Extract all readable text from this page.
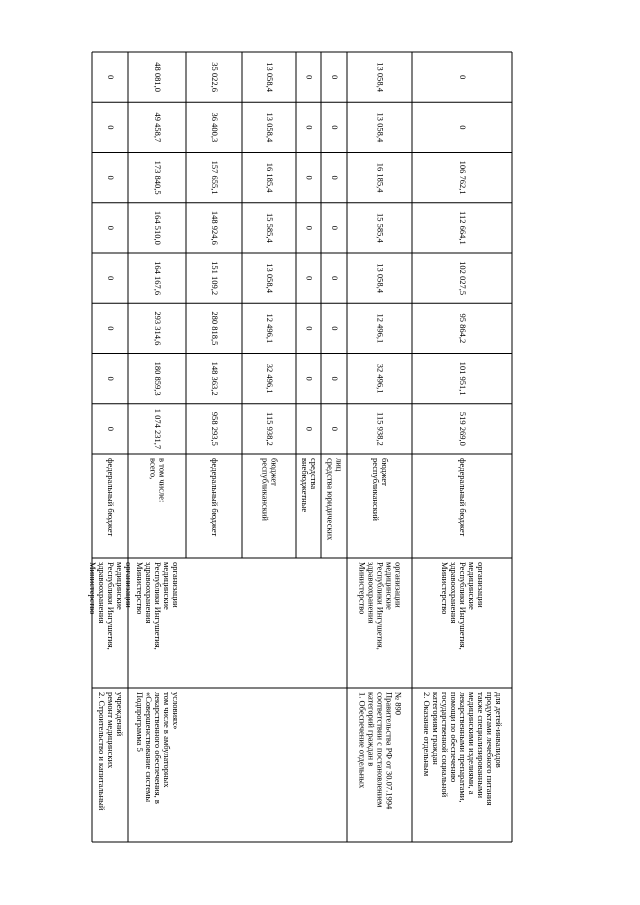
2. Строительство и капитальный ремонт медицинских учреждений
Министерство здравоохранения Республики Ингушетия, медицинские организации
федеральный бюджет
0
0
0
0
0
0
0
0
Подпрограмма 5 «Совершенствование системы лекарственного обеспечения, в том числе в амбулаторных условиях»
Министерство здравоохранения Республики Ингушетия, медицинские организации
всего, в том числе:
1 074 231,7
180 859,3
293 314,6
164 167,6
164 510,0
173 840,5
49 458,7
48 081,0
федеральный бюджет
958 293,5
148 363,2
280 818,5
151 109,2
148 924,6
157 655,1
36 400,3
35 022,6
республиканский бюджет
115 938,2
32 496,1
12 496,1
13 058,4
15 585,4
16 185,4
13 058,4
13 058,4
внебюджетные средства
0
0
0
0
0
0
0
0
средства юридических лиц
0
0
0
0
0
0
0
0
1. Обеспечение отдельных категорий граждан в соответствии с постановлением Правительства РФ от 30.07.1994 № 890
Министерство здравоохранения Республики Ингушетия, медицинские организации
республиканский бюджет
115 938,2
32 496,1
12 496,1
13 058,4
15 585,4
16 185,4
13 058,4
13 058,4
2. Оказание отдельным категориям граждан государственной социальной помощи по обеспечению лекарственными препаратами, медицинскими изделиями, а также специализированными продуктами лечебного питания для детей-инвалидов
Министерство здравоохранения Республики Ингушетия, медицинские организации
федеральный бюджет
519 269,0
101 951,1
95 864,2
102 027,5
112 664,1
106 762,1
0
0
